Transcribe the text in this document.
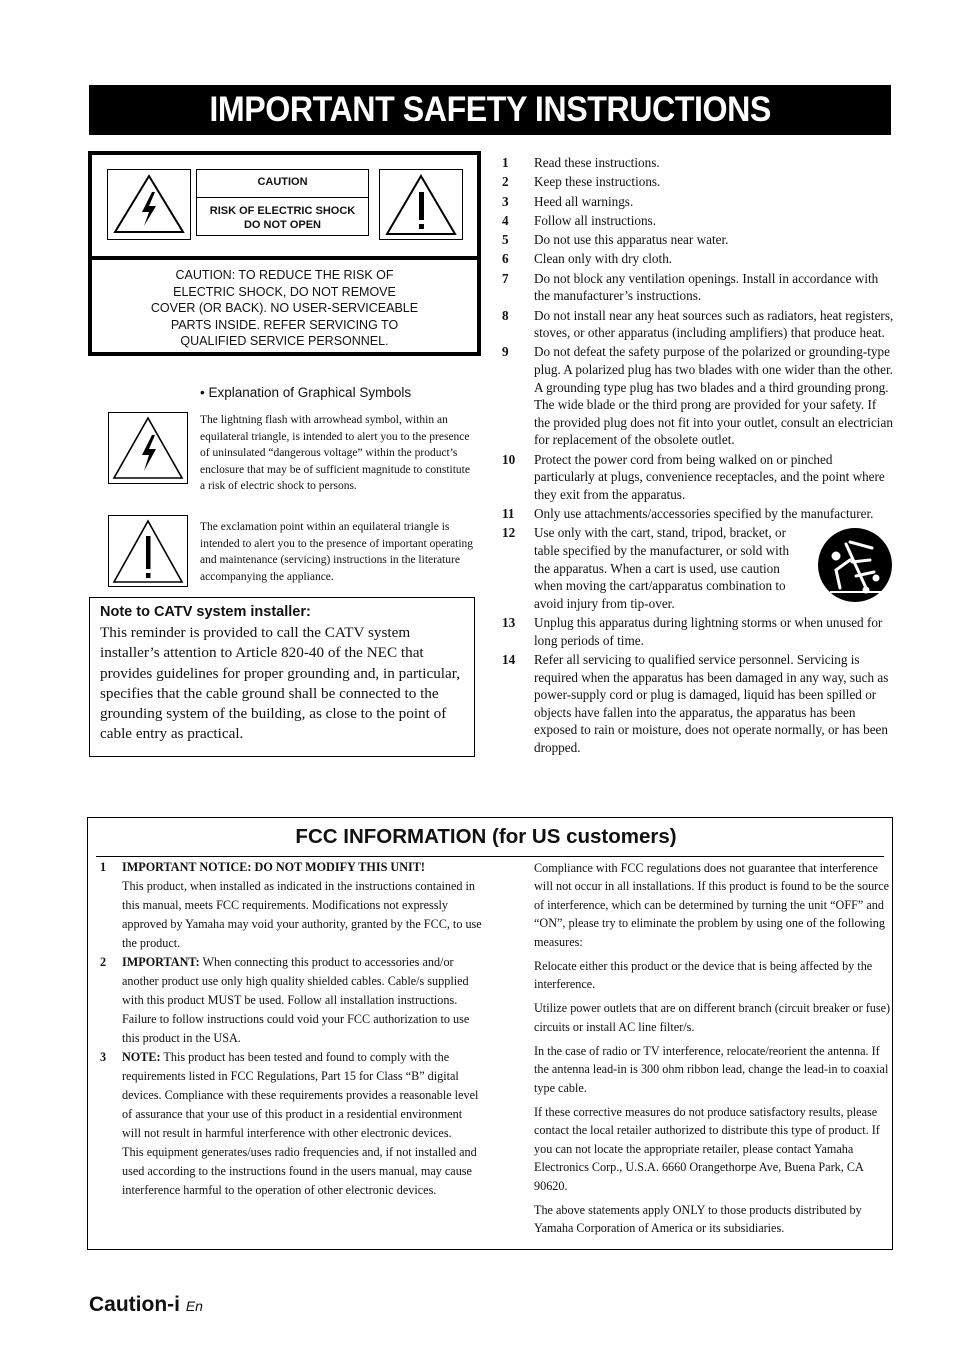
IMPORTANT SAFETY INSTRUCTIONS
CAUTION
RISK OF ELECTRIC SHOCK
DO NOT OPEN
CAUTION: TO REDUCE THE RISK OF
ELECTRIC SHOCK, DO NOT REMOVE
COVER (OR BACK). NO USER-SERVICEABLE
PARTS INSIDE. REFER SERVICING TO
QUALIFIED SERVICE PERSONNEL.
• Explanation of Graphical Symbols
The lightning flash with arrowhead symbol, within an equilateral triangle, is intended to alert you to the presence of uninsulated “dangerous voltage” within the product’s enclosure that may be of sufficient magnitude to constitute a risk of electric shock to persons.
The exclamation point within an equilateral triangle is intended to alert you to the presence of important operating and maintenance (servicing) instructions in the literature accompanying the appliance.
Note to CATV system installer:
This reminder is provided to call the CATV system installer’s attention to Article 820-40 of the NEC that provides guidelines for proper grounding and, in particular, specifies that the cable ground shall be connected to the grounding system of the building, as close to the point of cable entry as practical.
1	Read these instructions.
2	Keep these instructions.
3	Heed all warnings.
4	Follow all instructions.
5	Do not use this apparatus near water.
6	Clean only with dry cloth.
7	Do not block any ventilation openings. Install in accordance with the manufacturer’s instructions.
8	Do not install near any heat sources such as radiators, heat registers, stoves, or other apparatus (including amplifiers) that produce heat.
9	Do not defeat the safety purpose of the polarized or grounding-type plug. A polarized plug has two blades with one wider than the other. A grounding type plug has two blades and a third grounding prong. The wide blade or the third prong are provided for your safety. If the provided plug does not fit into your outlet, consult an electrician for replacement of the obsolete outlet.
10	Protect the power cord from being walked on or pinched particularly at plugs, convenience receptacles, and the point where they exit from the apparatus.
11	Only use attachments/accessories specified by the manufacturer.
12	Use only with the cart, stand, tripod, bracket, or table specified by the manufacturer, or sold with the apparatus. When a cart is used, use caution when moving the cart/apparatus combination to avoid injury from tip-over.
13	Unplug this apparatus during lightning storms or when unused for long periods of time.
14	Refer all servicing to qualified service personnel. Servicing is required when the apparatus has been damaged in any way, such as power-supply cord or plug is damaged, liquid has been spilled or objects have fallen into the apparatus, the apparatus has been exposed to rain or moisture, does not operate normally, or has been dropped.
FCC INFORMATION (for US customers)
1	IMPORTANT NOTICE: DO NOT MODIFY THIS UNIT!
This product, when installed as indicated in the instructions contained in this manual, meets FCC requirements. Modifications not expressly approved by Yamaha may void your authority, granted by the FCC, to use the product.
2	IMPORTANT: When connecting this product to accessories and/or another product use only high quality shielded cables. Cable/s supplied with this product MUST be used. Follow all installation instructions. Failure to follow instructions could void your FCC authorization to use this product in the USA.
3	NOTE: This product has been tested and found to comply with the requirements listed in FCC Regulations, Part 15 for Class “B” digital devices. Compliance with these requirements provides a reasonable level of assurance that your use of this product in a residential environment will not result in harmful interference with other electronic devices.
This equipment generates/uses radio frequencies and, if not installed and used according to the instructions found in the users manual, may cause interference harmful to the operation of other electronic devices.

Compliance with FCC regulations does not guarantee that interference will not occur in all installations. If this product is found to be the source of interference, which can be determined by turning the unit “OFF” and “ON”, please try to eliminate the problem by using one of the following measures:

Relocate either this product or the device that is being affected by the interference.

Utilize power outlets that are on different branch (circuit breaker or fuse) circuits or install AC line filter/s.

In the case of radio or TV interference, relocate/reorient the antenna. If the antenna lead-in is 300 ohm ribbon lead, change the lead-in to coaxial type cable.

If these corrective measures do not produce satisfactory results, please contact the local retailer authorized to distribute this type of product. If you can not locate the appropriate retailer, please contact Yamaha Electronics Corp., U.S.A. 6660 Orangethorpe Ave, Buena Park, CA 90620.

The above statements apply ONLY to those products distributed by Yamaha Corporation of America or its subsidiaries.

Caution-i En
